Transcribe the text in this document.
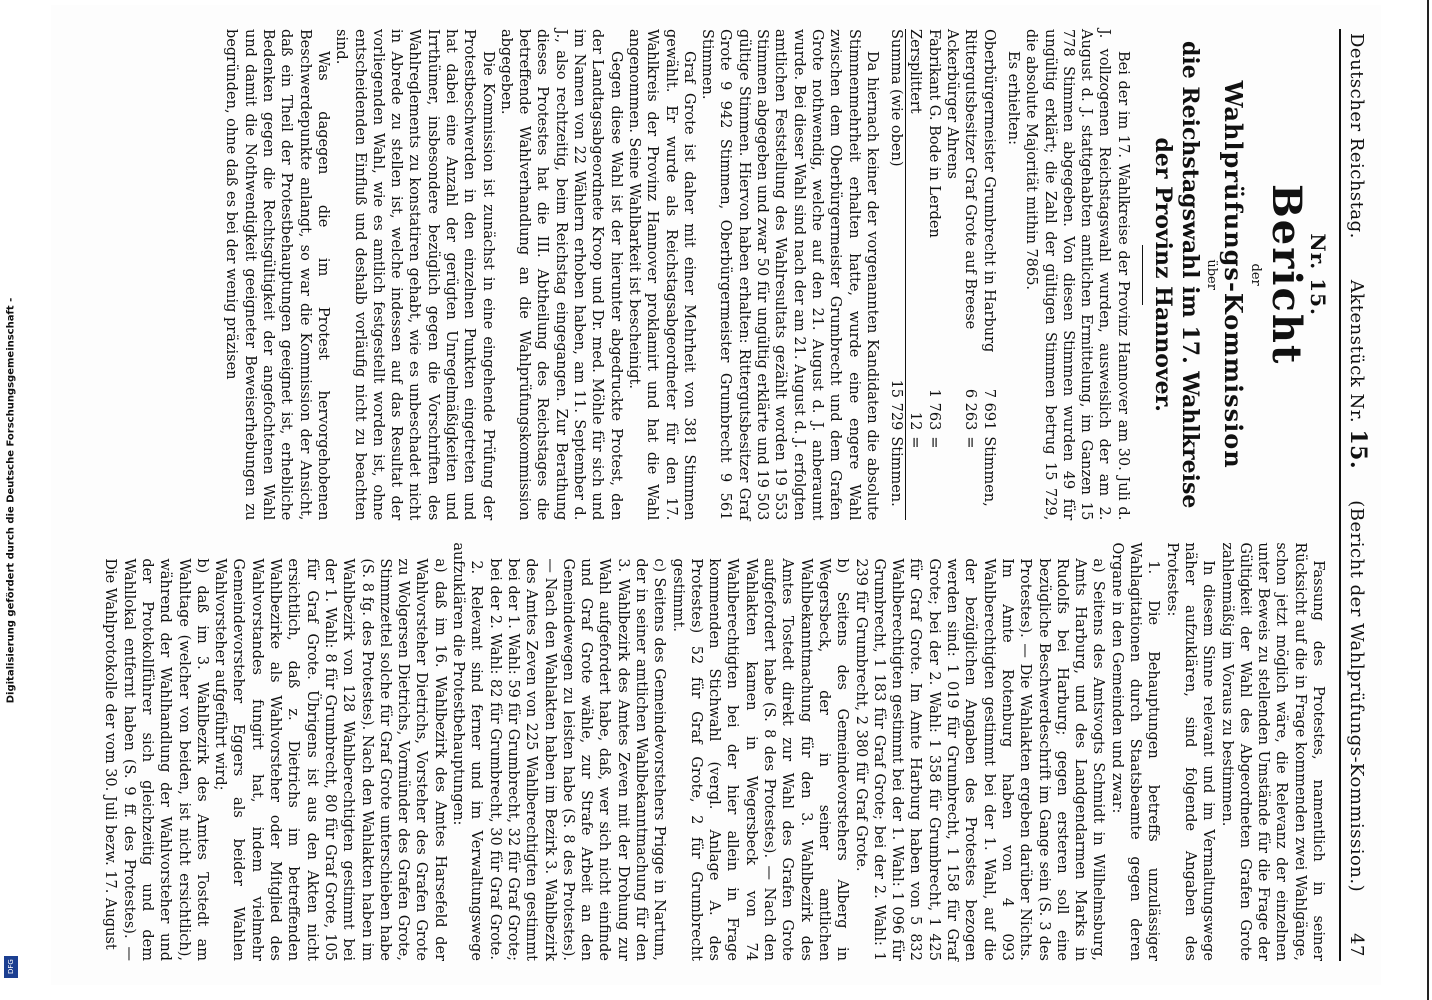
Digitalisierung gefördert durch die Deutsche Forschungsgemeinschaft -
DFG
Deutscher Reichstag.
Aktenstück Nr. 15.     (Bericht der Wahlprüfungs-Kommission.)
47
Nr. 15.
Bericht
der
Wahlprüfungs-Kommission
über
die Reichstagswahl im 17. Wahlkreise der Provinz Hannover.

Bei der im 17. Wahlkreise der Provinz Hannover am 30. Juli d. J. vollzogenen Reichstagswahl wurden, ausweislich der am 2. August d. J. stattgehabten amtlichen Ermittelung, im Ganzen 15 778 Stimmen abgegeben. Von diesen Stimmen wurden 49 für ungültig erklärt; die Zahl der gültigen Stimmen betrug 15 729, die absolute Majorität mithin 7865.

Es erhielten:

Oberbürgermeister Grumbrecht in Harburg
7 691
Stimmen,
Rittergutsbesitzer Graf Grote auf Breese
6 263
=
Ackerbürger Ahrens
Fabrikant G. Bode in Lerden
1 763
=
Zersplittert
12
=
Summa (wie oben)
15 729
Stimmen.

Da hiernach keiner der vorgenannten Kandidaten die absolute Stimmenmehrheit erhalten hatte, wurde eine engere Wahl zwischen dem Oberbürgermeister Grumbrecht und dem Grafen Grote nothwendig, welche auf den 21. August d. J. anberaumt wurde. Bei dieser Wahl sind nach der am 21. August d. J. erfolgten amtlichen Feststellung des Wahlresultats gezählt worden 19 553 Stimmen abgegeben und zwar 50 für ungültig erklärte und 19 503 gültige Stimmen. Hiervon haben erhalten: Rittergutsbesitzer Graf Grote 9 942 Stimmen, Oberbürgermeister Grumbrecht 9 561 Stimmen.

Graf Grote ist daher mit einer Mehrheit von 381 Stimmen gewählt. Er wurde als Reichstagsabgeordneter für den 17. Wahlkreis der Provinz Hannover proklamirt und hat die Wahl angenommen. Seine Wahlbarkeit ist bescheinigt.

Gegen diese Wahl ist der hierunter abgedruckte Protest, den der Landtagsabgeordnete Kroop und Dr. med. Möhle für sich und im Namen von 22 Wählern erhoben haben, am 11. September d. J., also rechtzeitig, beim Reichstag eingegangen. Zur Berathung dieses Protestes hat die III. Abtheilung des Reichstages die betreffende Wahlverhandlung an die Wahlprüfungskommission abgegeben.

Die Kommission ist zunächst in eine eingehende Prüfung der Protestbeschwerden in den einzelnen Punkten eingetreten und hat dabei eine Anzahl der gerügten Unregelmäßigkeiten und Irrthümer, insbesondere bezüglich gegen die Vorschriften des Wahlreglements zu konstatiren gehabt, wie es unbeschadet nicht in Abrede zu stellen ist, welche indessen auf das Resultat der vorliegenden Wahl, wie es amtlich festgestellt worden ist, ohne entscheidenden Einfluß und deshalb vorläufig nicht zu beachten sind.

Was dagegen die im Protest hervorgehobenen Beschwerdepunkte anlangt, so war die Kommission der Ansicht, daß ein Theil der Protestbehauptungen geeignet ist, erhebliche Bedenken gegen die Rechtsgültigkeit der angefochtenen Wahl und damit die Nothwendigkeit geeigneter Beweiserhebungen zu begründen, ohne daß es bei der wenig präzisen

Fassung des Protestes, namentlich in seiner Rücksicht auf die in Frage kommenden zwei Wahlgänge, schon jetzt möglich wäre, die Relevanz der einzelnen unter Beweis zu stellenden Umstände für die Frage der Gültigkeit der Wahl des Abgeordneten Grafen Grote zahlenmäßig im Voraus zu bestimmen.

In diesem Sinne relevant und im Vermaltungswege näher aufzuklären, sind folgende Angaben des Protestes:

1. Die Behauptungen betreffs unzulässiger Wahlagitationen durch Staatsbeamte gegen deren Organe in den Gemeinden und zwar:

a) Seitens des Amtsvogts Schmidt in Wilhelmsburg, Amts Harburg, und des Landgendarmen Marks in Rudolfs bei Harburg; gegen ersteren soll eine bezügliche Beschwerdeschrift im Gange sein (S. 3 des Protestes). — Die Wahlakten ergeben darüber Nichts. Im Amte Rotenburg haben von 4 093 Wahlberechtigten gestimmt bei der 1. Wahl, auf die der bezüglichen Angaben des Protestes bezogen werden sind: 1 019 für Grumbrecht, 1 158 für Graf Grote; bei der 2. Wahl: 1 358 für Grumbrecht, 1 425 für Graf Grote. Im Amte Harburg haben von 5 832 Wahlberechtigten gestimmt bei der 1. Wahl: 1 096 für Grumbrecht, 1 183 für Graf Grote; bei der 2. Wahl: 1 239 für Grumbrecht, 2 380 für Graf Grote.

b) Seitens des Gemeindevorstehers Alberg in Wegersbeck, der in seiner amtlichen Wahlbekanntmachung für den 3. Wahlbezirk des Amtes Tostedt direkt zur Wahl des Grafen Grote aufgefordert habe (S. 8 des Protestes). — Nach den Wahlakten kamen in Wegersbeck von 74 Wahlberechtigten bei der hier allein in Frage kommenden Stichwahl (vergl. Anlage A. des Protestes) 52 für Graf Grote, 2 für Grumbrecht gestimmt.

c) Seitens des Gemeindevorstehers Prigge in Nartum, der in seiner amtlichen Wahlbekanntmachung für den 3. Wahlbezirk des Amtes Zeven mit der Drohung zur Wahl aufgefordert habe, daß, wer sich nicht einfinde und Graf Grote wähle, zur Strafe Arbeit an den Gemeindewegen zu leisten habe (S. 8 des Protestes). — Nach den Wahlakten haben im Bezirk 3. Wahlbezirk des Amtes Zeven von 225 Wahlberechtigten gestimmt bei der 1. Wahl: 59 für Grumbrecht, 32 für Graf Grote; bei der 2. Wahl: 82 für Grumbrecht, 30 für Graf Grote.

2. Relevant sind ferner und im Verwaltungswege aufzuklären die Protestbehauptungen:

a) daß im 16. Wahlbezirk des Amtes Harsefeld der Wahlvorsteher Dietrichs, Vorsteher des Grafen Grote zu Wolgersen Dietrichs, Vormünder des Grafen Grote, Stimmzettel solche für Graf Grote unterschieben habe (S. 8 fg. des Protestes). Nach den Wahlakten haben im Wahlbezirk von 128 Wahlberechtigten gestimmt bei der 1. Wahl: 8 für Grumbrecht, 80 für Graf Grote, 105 für Graf Grote. Übrigens ist aus den Akten nicht ersichtlich, daß z. Dietrichs im betreffenden Wahlbezirke als Wahlvorsteher oder Mitglied des Wahlvorstandes fungirt hat, indem vielmehr Gemeindevorsteher Eggers als beider Wahlen Wahlvorsteher aufgeführt wird;

b) daß im 3. Wahlbezirk des Amtes Tostedt am Wahltage (welcher von beiden, ist nicht ersichtlich), während der Wahlhandlung der Wahlvorsteher und der Protokollführer sich gleichzeitig und dem Wahllokal entfernt haben (S. 9 ff. des Protestes). — Die Wahlprotokolle der vom 30. Juli bezw. 17. August
